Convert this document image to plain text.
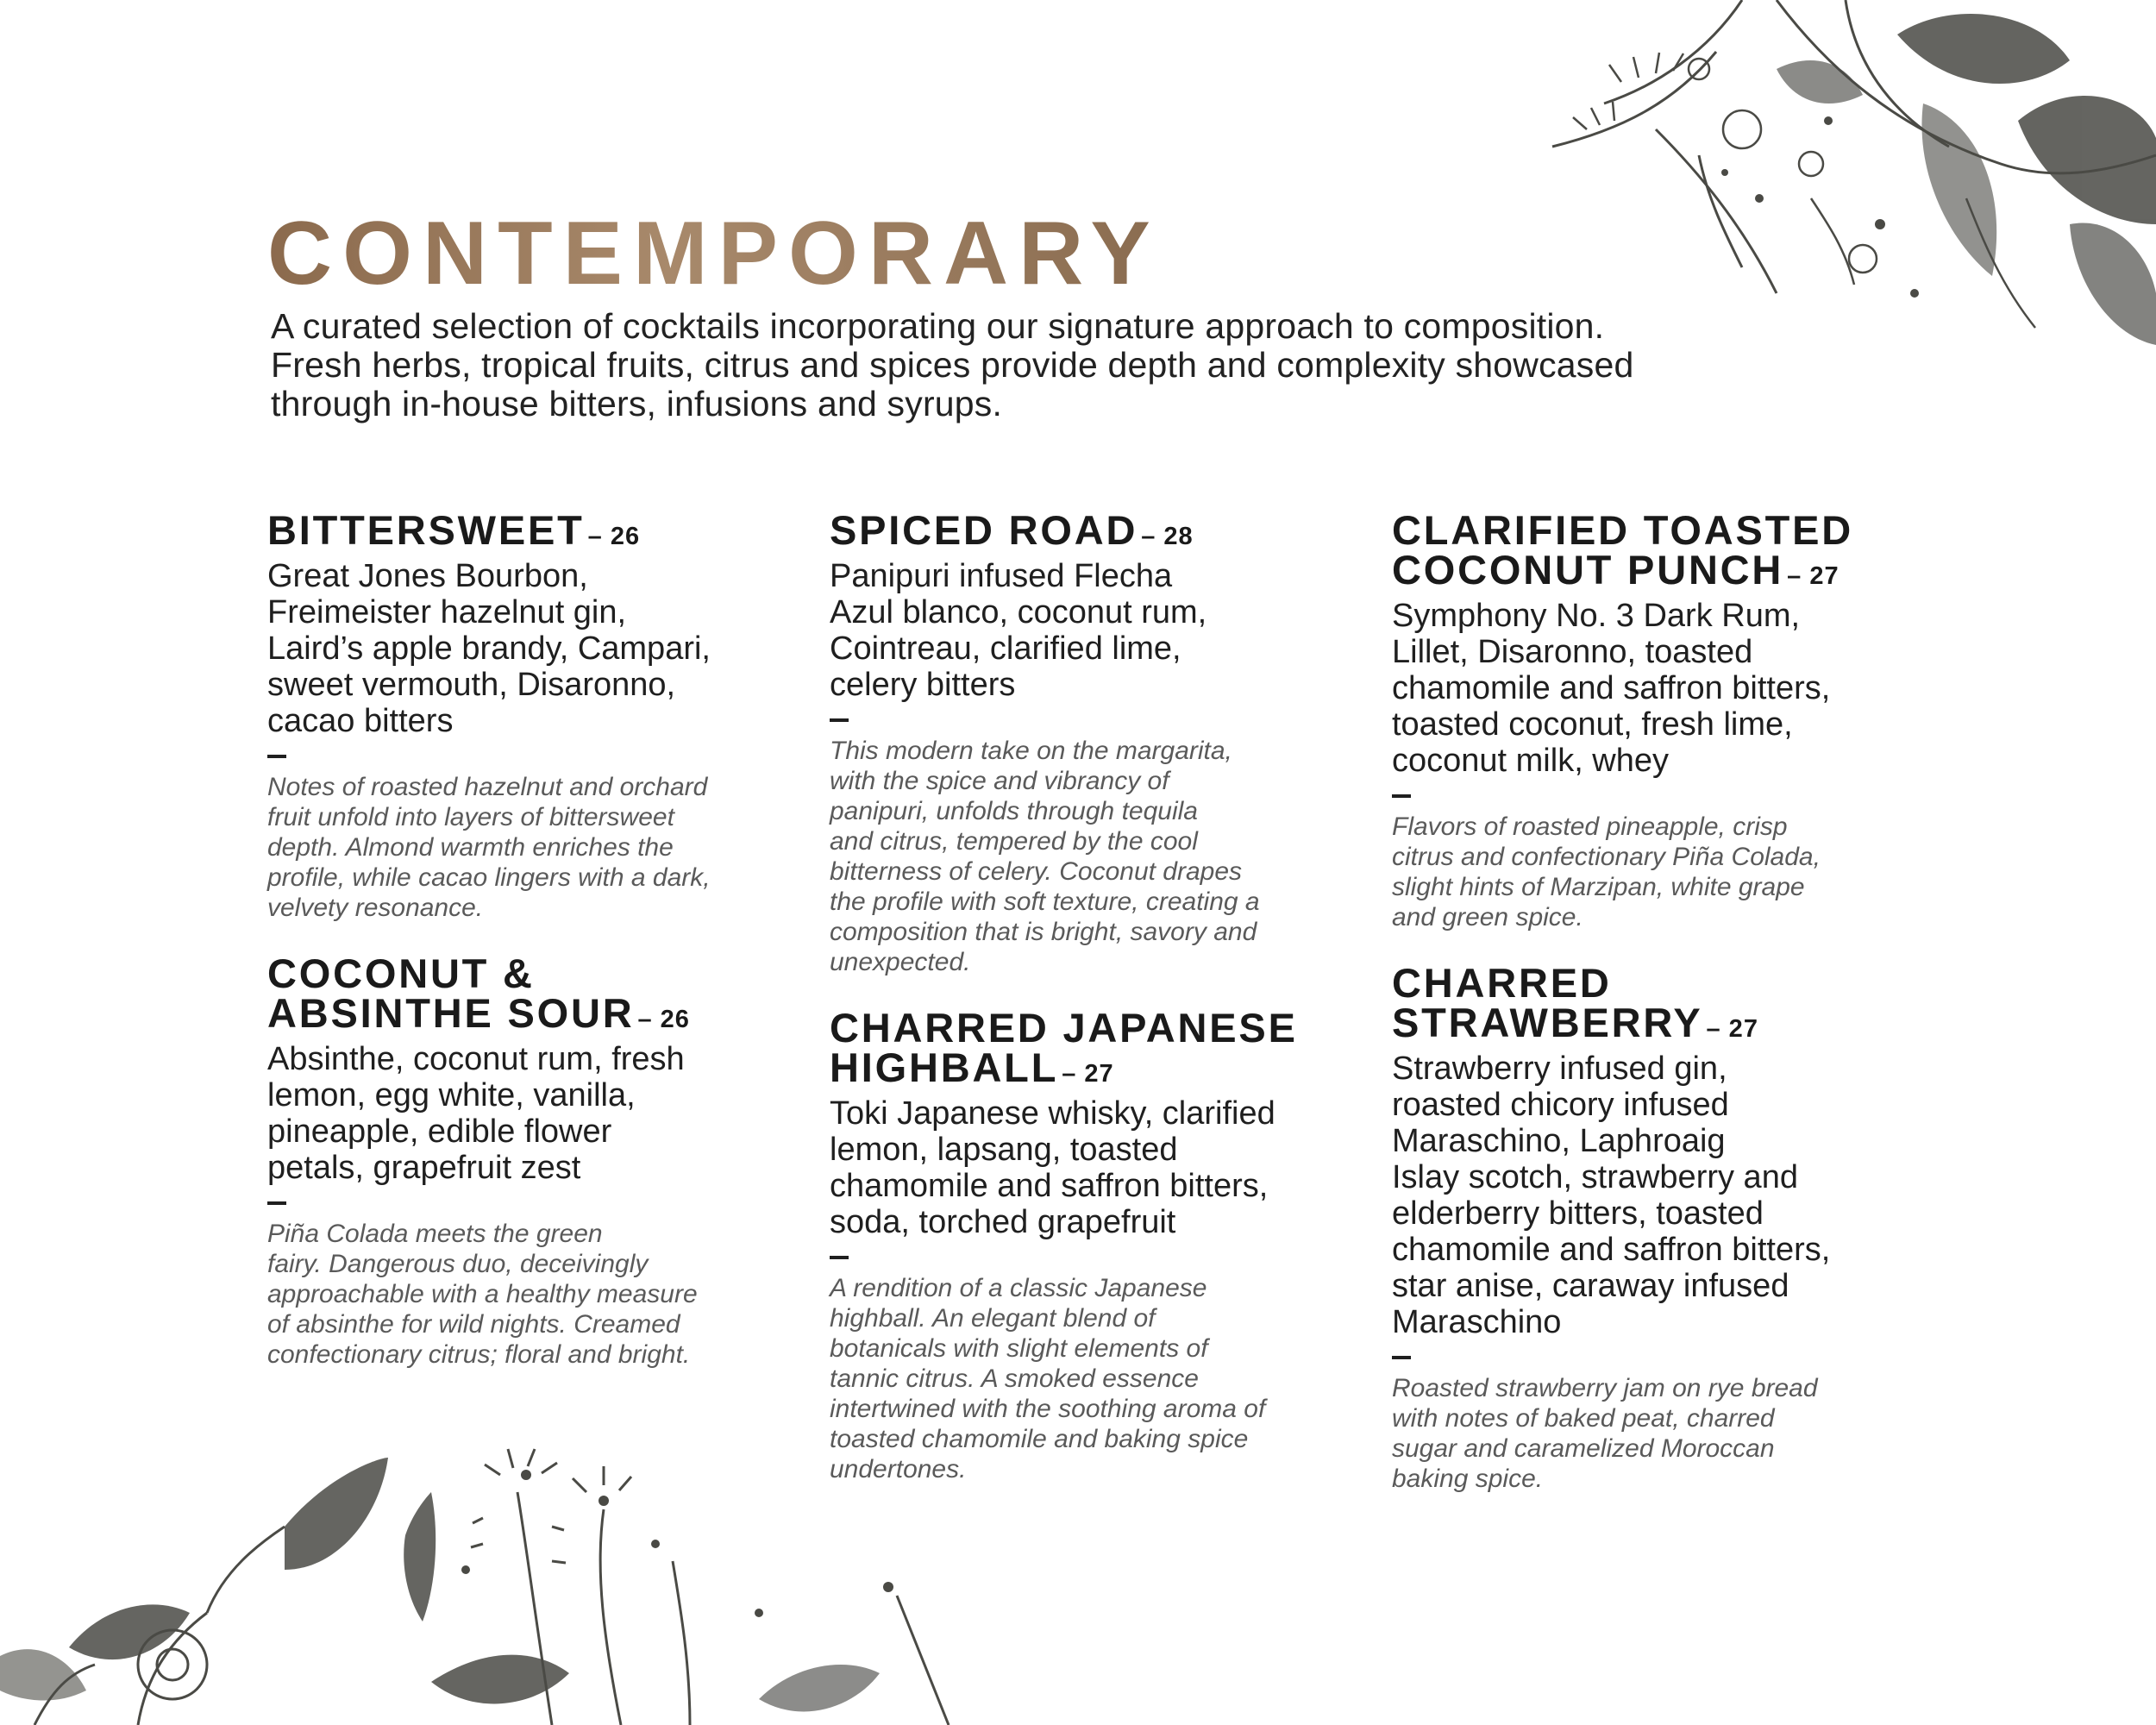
CONTEMPORARY

A curated selection of cocktails incorporating our signature approach to composition.
Fresh herbs, tropical fruits, citrus and spices provide depth and complexity showcased
through in-house bitters, infusions and syrups.

BITTERSWEET – 26

Great Jones Bourbon,
Freimeister hazelnut gin,
Laird’s apple brandy, Campari,
sweet vermouth, Disaronno,
cacao bitters

Notes of roasted hazelnut and orchard
fruit unfold into layers of bittersweet
depth. Almond warmth enriches the
profile, while cacao lingers with a dark,
velvety resonance.

COCONUT &
ABSINTHE SOUR – 26

Absinthe, coconut rum, fresh
lemon, egg white, vanilla,
pineapple, edible flower
petals, grapefruit zest

Piña Colada meets the green
fairy. Dangerous duo, deceivingly
approachable with a healthy measure
of absinthe for wild nights. Creamed
confectionary citrus; floral and bright.

SPICED ROAD – 28

Panipuri infused Flecha
Azul blanco, coconut rum,
Cointreau, clarified lime,
celery bitters

This modern take on the margarita,
with the spice and vibrancy of
panipuri, unfolds through tequila
and citrus, tempered by the cool
bitterness of celery. Coconut drapes
the profile with soft texture, creating a
composition that is bright, savory and
unexpected.

CHARRED JAPANESE
HIGHBALL – 27

Toki Japanese whisky, clarified
lemon, lapsang, toasted
chamomile and saffron bitters,
soda, torched grapefruit

A rendition of a classic Japanese
highball. An elegant blend of
botanicals with slight elements of
tannic citrus. A smoked essence
intertwined with the soothing aroma of
toasted chamomile and baking spice
undertones.

CLARIFIED TOASTED
COCONUT PUNCH – 27

Symphony No. 3 Dark Rum,
Lillet, Disaronno, toasted
chamomile and saffron bitters,
toasted coconut, fresh lime,
coconut milk, whey

Flavors of roasted pineapple, crisp
citrus and confectionary Piña Colada,
slight hints of Marzipan, white grape
and green spice.

CHARRED
STRAWBERRY – 27

Strawberry infused gin,
roasted chicory infused
Maraschino, Laphroaig
Islay scotch, strawberry and
elderberry bitters, toasted
chamomile and saffron bitters,
star anise, caraway infused
Maraschino

Roasted strawberry jam on rye bread
with notes of baked peat, charred
sugar and caramelized Moroccan
baking spice.
